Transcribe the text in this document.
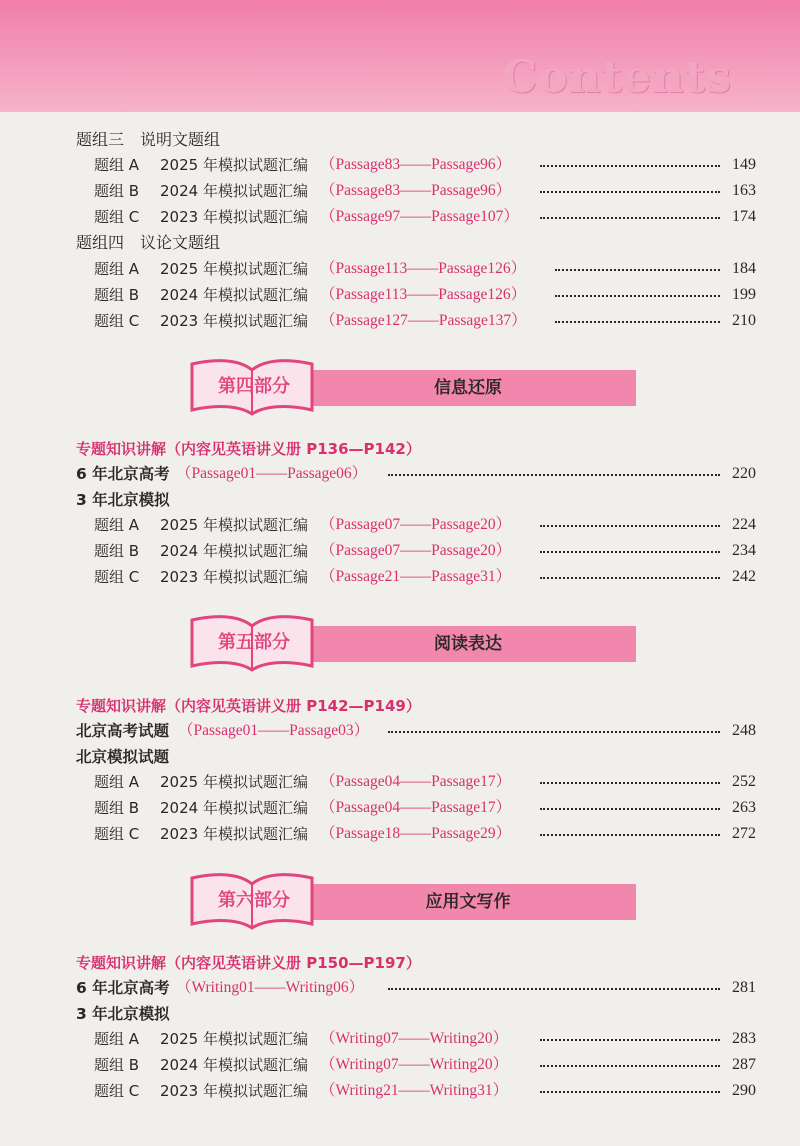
Contents
题组三　说明文题组
题组 A 2025 年模拟试题汇编 （Passage83——Passage96）	149
题组 B 2024 年模拟试题汇编 （Passage83——Passage96）	163
题组 C 2023 年模拟试题汇编 （Passage97——Passage107）	174
题组四　议论文题组
题组 A 2025 年模拟试题汇编 （Passage113——Passage126）	184
题组 B 2024 年模拟试题汇编 （Passage113——Passage126）	199
题组 C 2023 年模拟试题汇编 （Passage127——Passage137）	210
信息还原
第四部分
专题知识讲解（内容见英语讲义册 P136—P142）
6 年北京高考 （Passage01——Passage06）	220
3 年北京模拟
题组 A 2025 年模拟试题汇编 （Passage07——Passage20）	224
题组 B 2024 年模拟试题汇编 （Passage07——Passage20）	234
题组 C 2023 年模拟试题汇编 （Passage21——Passage31）	242
阅读表达
第五部分
专题知识讲解（内容见英语讲义册 P142—P149）
北京高考试题 （Passage01——Passage03）	248
北京模拟试题
题组 A 2025 年模拟试题汇编 （Passage04——Passage17）	252
题组 B 2024 年模拟试题汇编 （Passage04——Passage17）	263
题组 C 2023 年模拟试题汇编 （Passage18——Passage29）	272
应用文写作
第六部分
专题知识讲解（内容见英语讲义册 P150—P197）
6 年北京高考 （Writing01——Writing06）	281
3 年北京模拟
题组 A 2025 年模拟试题汇编 （Writing07——Writing20）	283
题组 B 2024 年模拟试题汇编 （Writing07——Writing20）	287
题组 C 2023 年模拟试题汇编 （Writing21——Writing31）	290
